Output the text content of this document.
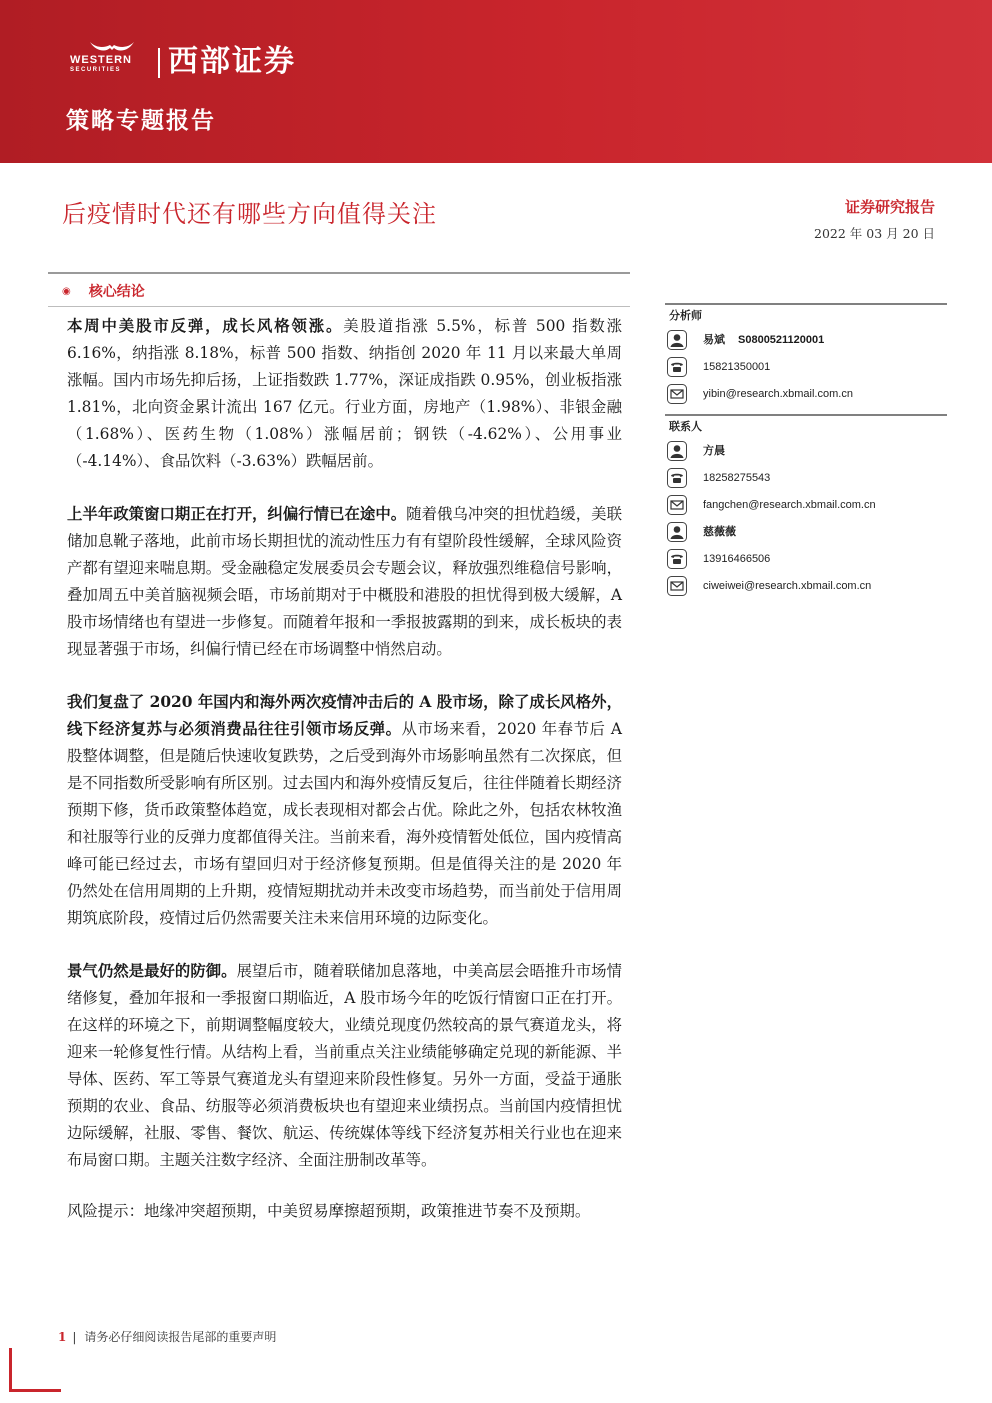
WESTERN
SECURITIES	西部证券
策略专题报告
后疫情时代还有哪些方向值得关注	证券研究报告
2022 年 03 月 20 日
◉ 核心结论

本周中美股市反弹，成长风格领涨。美股道指涨 5.5%，标普 500 指数涨 6.16%，纳指涨 8.18%，标普 500 指数、纳指创 2020 年 11 月以来最大单周涨幅。国内市场先抑后扬，上证指数跌 1.77%，深证成指跌 0.95%，创业板指涨 1.81%，北向资金累计流出 167 亿元。行业方面，房地产（1.98%）、非银金融（1.68%）、医药生物（1.08%）涨幅居前；钢铁（-4.62%）、公用事业（-4.14%）、食品饮料（-3.63%）跌幅居前。

上半年政策窗口期正在打开，纠偏行情已在途中。随着俄乌冲突的担忧趋缓，美联储加息靴子落地，此前市场长期担忧的流动性压力有有望阶段性缓解，全球风险资产都有望迎来喘息期。受金融稳定发展委员会专题会议，释放强烈维稳信号影响，叠加周五中美首脑视频会晤，市场前期对于中概股和港股的担忧得到极大缓解，A 股市场情绪也有望进一步修复。而随着年报和一季报披露期的到来，成长板块的表现显著强于市场，纠偏行情已经在市场调整中悄然启动。

我们复盘了 2020 年国内和海外两次疫情冲击后的 A 股市场，除了成长风格外，线下经济复苏与必须消费品往往引领市场反弹。从市场来看，2020 年春节后 A 股整体调整，但是随后快速收复跌势，之后受到海外市场影响虽然有二次探底，但是不同指数所受影响有所区别。过去国内和海外疫情反复后，往往伴随着长期经济预期下修，货币政策整体趋宽，成长表现相对都会占优。除此之外，包括农林牧渔和社服等行业的反弹力度都值得关注。当前来看，海外疫情暂处低位，国内疫情高峰可能已经过去，市场有望回归对于经济修复预期。但是值得关注的是 2020 年仍然处在信用周期的上升期，疫情短期扰动并未改变市场趋势，而当前处于信用周期筑底阶段，疫情过后仍然需要关注未来信用环境的边际变化。

景气仍然是最好的防御。展望后市，随着联储加息落地，中美高层会晤推升市场情绪修复，叠加年报和一季报窗口期临近，A 股市场今年的吃饭行情窗口正在打开。在这样的环境之下，前期调整幅度较大，业绩兑现度仍然较高的景气赛道龙头，将迎来一轮修复性行情。从结构上看，当前重点关注业绩能够确定兑现的新能源、半导体、医药、军工等景气赛道龙头有望迎来阶段性修复。另外一方面，受益于通胀预期的农业、食品、纺服等必须消费板块也有望迎来业绩拐点。当前国内疫情担忧边际缓解，社服、零售、餐饮、航运、传统媒体等线下经济复苏相关行业也在迎来布局窗口期。主题关注数字经济、全面注册制改革等。

风险提示：地缘冲突超预期，中美贸易摩擦超预期，政策推进节奏不及预期。

分析师
易斌 S0800521120001
15821350001
yibin@research.xbmail.com.cn
联系人
方晨
18258275543
fangchen@research.xbmail.com.cn
慈薇薇
13916466506
ciweiwei@research.xbmail.com.cn
1 | 请务必仔细阅读报告尾部的重要声明
